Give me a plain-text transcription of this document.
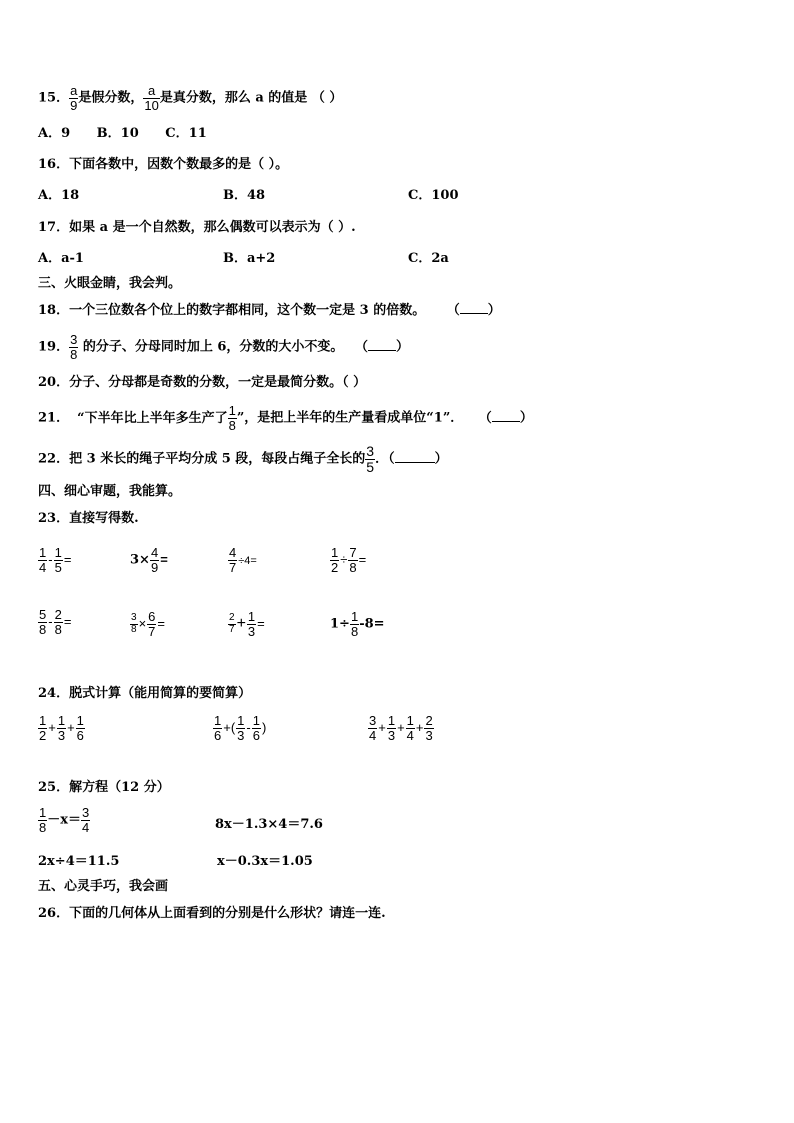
15． $\frac{a}{9}$ 是假分数， $\frac{a}{10}$ 是真分数，那么 a 的值是 （ ）
A．9 B．10 C．11
16．下面各数中，因数个数最多的是（ ）。
A．18	B．48	C．100
17．如果 a 是一个自然数，那么偶数可以表示为（ ）.
A．a-1	B．a+2	C．2a
三、火眼金睛，我会判。
18．一个三位数各个位上的数字都相同，这个数一定是 3 的倍数。 （ ）
19． $\frac{3}{8}$ 的分子、分母同时加上 6，分数的大小不变。 （ ）
20．分子、分母都是奇数的分数，一定是最简分数。（ ）
21． “下半年比上半年多生产了 $\frac{1}{8}$ ”，是把上半年的生产量看成单位“1”． （ ）
22．把 3 米长的绳子平均分成 5 段，每段占绳子全长的 $\frac{3}{5}$ ．（	）
四、细心审题，我能算。
23．直接写得数.
$\frac{1}{4} - \frac{1}{5}$ =	$3\times \frac{4}{9}$ =	$\frac{4}{7} \div 4=$	$\frac{1}{2} \div \frac{7}{8}$ =
$\frac{5}{8} - \frac{2}{8}$ =	$\frac{3}{8} \times \frac{6}{7}$ =	$\frac{2}{7} + \frac{1}{3}$ =	$1\div \frac{1}{8} -8=$
24．脱式计算（能用简算的要简算）
$\frac{1}{2} + \frac{1}{3} + \frac{1}{6}$	$\frac{1}{6}$ +( $\frac{1}{3} - \frac{1}{6}$ )	$\frac{3}{4} + \frac{1}{3} + \frac{1}{4} + \frac{2}{3}$
25．解方程（12 分）
$\frac{1}{8} -x= \frac{3}{4}$	8x－1.3×4＝7.6
2x÷4＝11.5	x－0.3x＝1.05
五、心灵手巧，我会画
26．下面的几何体从上面看到的分别是什么形状？请连一连.
